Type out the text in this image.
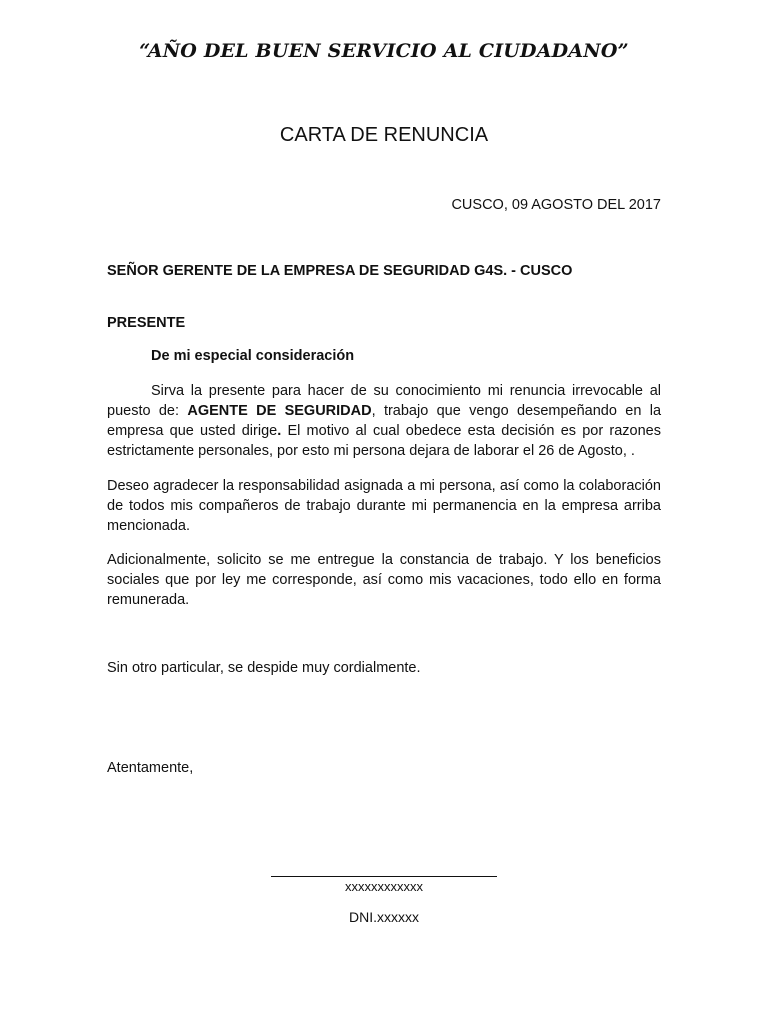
“AÑO DEL BUEN SERVICIO AL CIUDADANO”
CARTA DE RENUNCIA
CUSCO, 09 AGOSTO DEL 2017
SEÑOR GERENTE DE LA EMPRESA DE SEGURIDAD G4S. - CUSCO
PRESENTE
De mi especial consideración

Sirva la presente para hacer de su conocimiento mi renuncia irrevocable al puesto de: AGENTE DE SEGURIDAD, trabajo que vengo desempeñando en la empresa que usted dirige. El motivo al cual obedece esta decisión es por razones estrictamente personales, por esto mi persona dejara de laborar el 26 de Agosto, .

Deseo agradecer la responsabilidad asignada a mi persona, así como la colaboración de todos mis compañeros de trabajo durante mi permanencia en la empresa arriba mencionada.

Adicionalmente, solicito se me entregue la constancia de trabajo. Y los beneficios sociales que por ley me corresponde, así como mis vacaciones, todo ello en forma remunerada.

Sin otro particular, se despide muy cordialmente.
Atentamente,
xxxxxxxxxxxx
DNI.xxxxxx
